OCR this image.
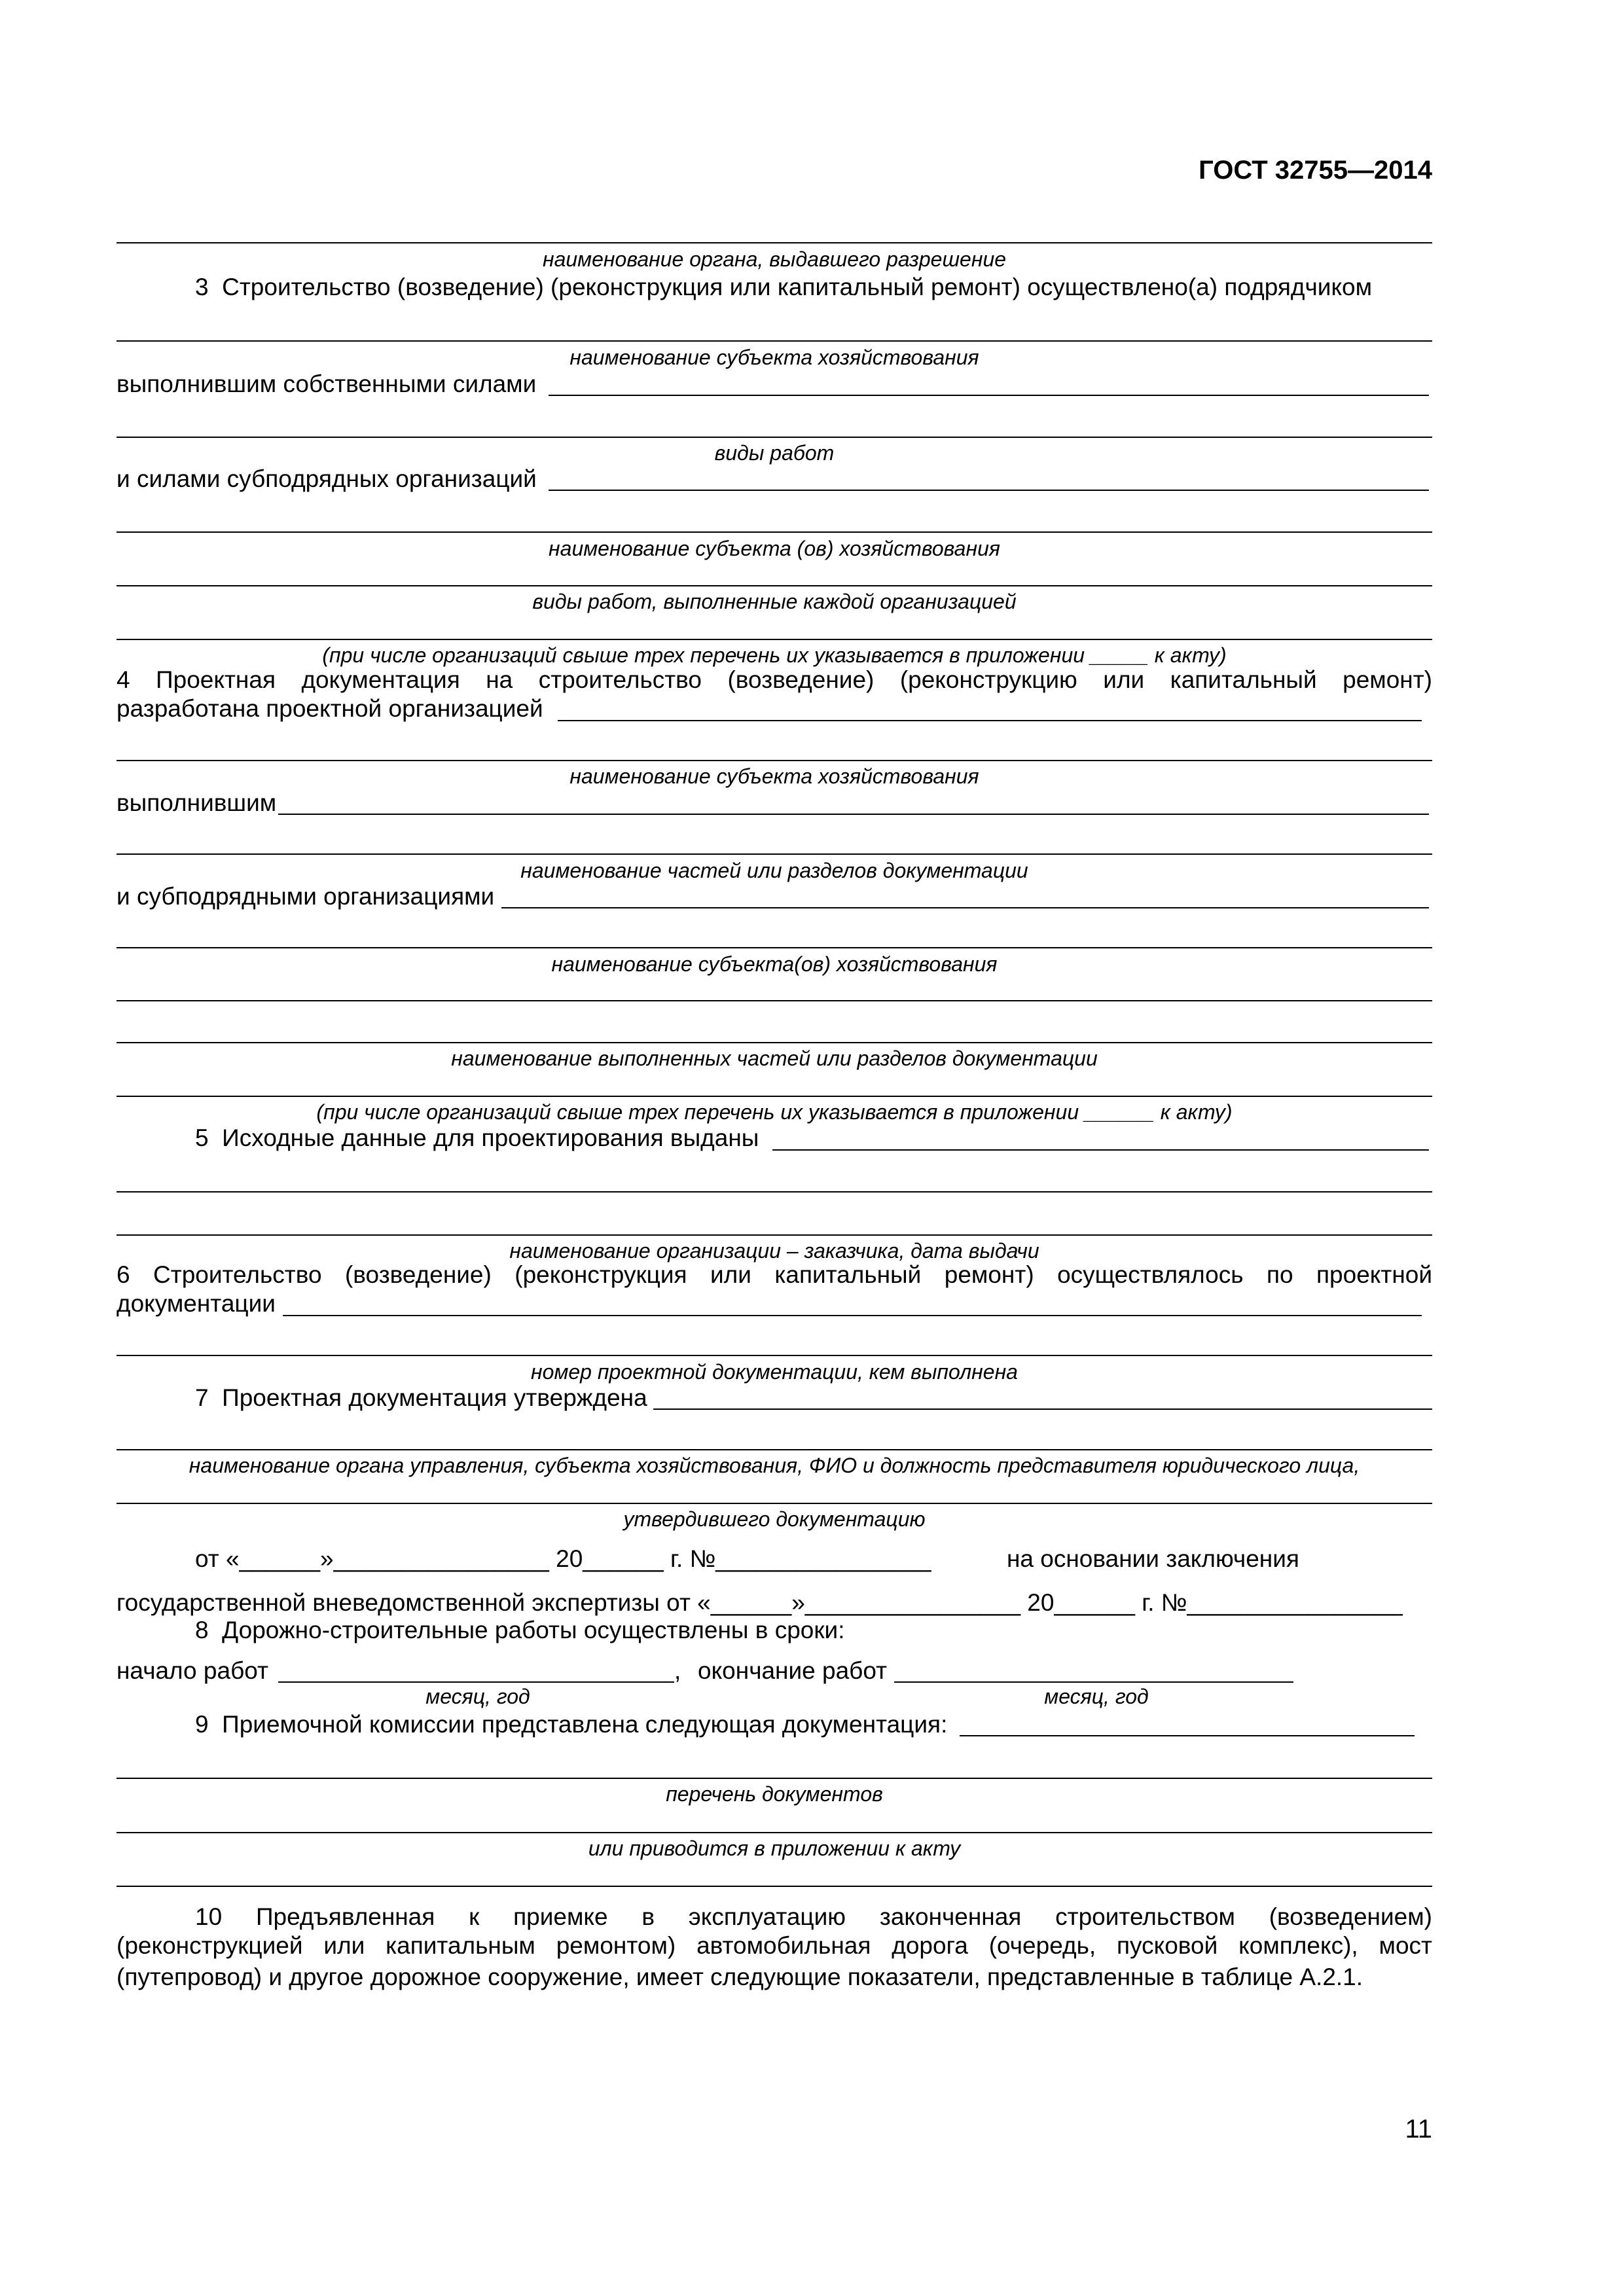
ГОСТ 32755—2014
наименование органа, выдавшего разрешение
3  Строительство (возведение) (реконструкция или капитальный ремонт) осуществлено(а) подрядчиком
наименование субъекта хозяйствования
выполнившим собственными силами
виды работ
и силами субподрядных организаций
наименование субъекта (ов) хозяйствования
виды работ, выполненные каждой организацией
(при числе организаций свыше трех перечень их указывается в приложении _____ к акту)
4 Проектная документация на строительство (возведение) (реконструкцию или капитальный ремонт)
разработана проектной организацией
наименование субъекта хозяйствования
выполнившим
наименование частей или разделов документации
и субподрядными организациями
наименование субъекта(ов) хозяйствования
наименование выполненных частей или разделов документации
(при числе организаций свыше трех перечень их указывается в приложении ______ к акту)
5  Исходные данные для проектирования выданы
наименование организации – заказчика, дата выдачи
6 Строительство (возведение) (реконструкция или капитальный ремонт) осуществлялось по проектной
документации
номер проектной документации, кем выполнена
7  Проектная документация утверждена
наименование органа управления, субъекта хозяйствования, ФИО и должность представителя юридического лица,
утвердившего документацию
от «______»________________ 20______ г. №________________	на основании заключения
государственной вневедомственной экспертизы от «______»________________ 20______ г. №________________
8  Дорожно-строительные работы осуществлены в сроки:
начало работ	, окончание работ
месяц, год	месяц, год
9  Приемочной комиссии представлена следующая документация:
перечень документов
или приводится в приложении к акту
10 Предъявленная к приемке в эксплуатацию законченная строительством (возведением)
(реконструкцией или капитальным ремонтом) автомобильная дорога (очередь, пусковой комплекс), мост
(путепровод) и другое дорожное сооружение, имеет следующие показатели, представленные в таблице А.2.1.
11
